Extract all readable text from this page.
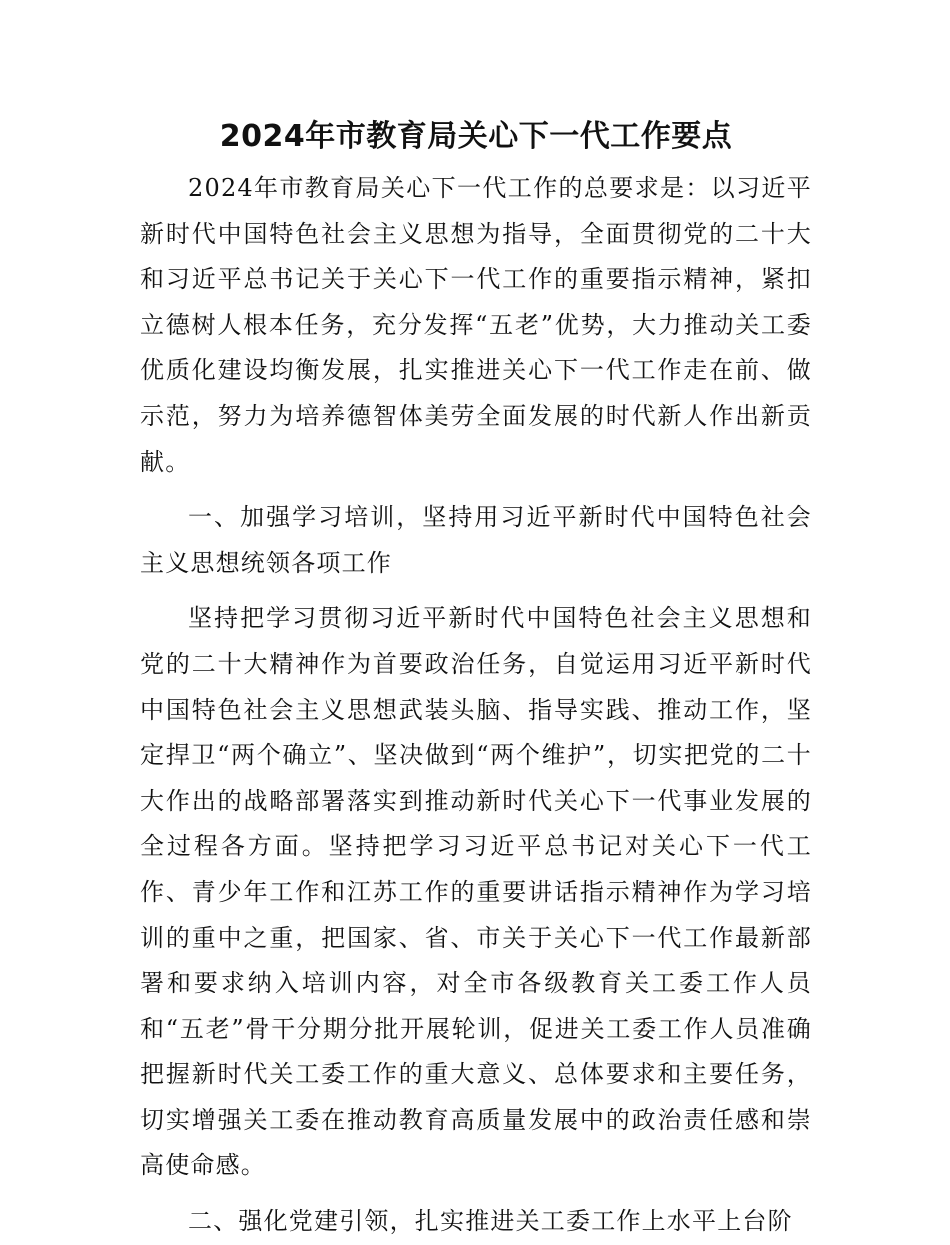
2024年市教育局关心下一代工作要点

2024年市教育局关心下一代工作的总要求是：以习近平新时代中国特色社会主义思想为指导，全面贯彻党的二十大和习近平总书记关于关心下一代工作的重要指示精神，紧扣立德树人根本任务，充分发挥“五老”优势，大力推动关工委优质化建设均衡发展，扎实推进关心下一代工作走在前、做示范，努力为培养德智体美劳全面发展的时代新人作出新贡献。

一、加强学习培训，坚持用习近平新时代中国特色社会主义思想统领各项工作

坚持把学习贯彻习近平新时代中国特色社会主义思想和党的二十大精神作为首要政治任务，自觉运用习近平新时代中国特色社会主义思想武装头脑、指导实践、推动工作，坚定捍卫“两个确立”、坚决做到“两个维护”，切实把党的二十大作出的战略部署落实到推动新时代关心下一代事业发展的全过程各方面。坚持把学习习近平总书记对关心下一代工作、青少年工作和江苏工作的重要讲话指示精神作为学习培训的重中之重，把国家、省、市关于关心下一代工作最新部署和要求纳入培训内容，对全市各级教育关工委工作人员和“五老”骨干分期分批开展轮训，促进关工委工作人员准确把握新时代关工委工作的重大意义、总体要求和主要任务，切实增强关工委在推动教育高质量发展中的政治责任感和崇高使命感。

二、强化党建引领，扎实推进关工委工作上水平上台阶
